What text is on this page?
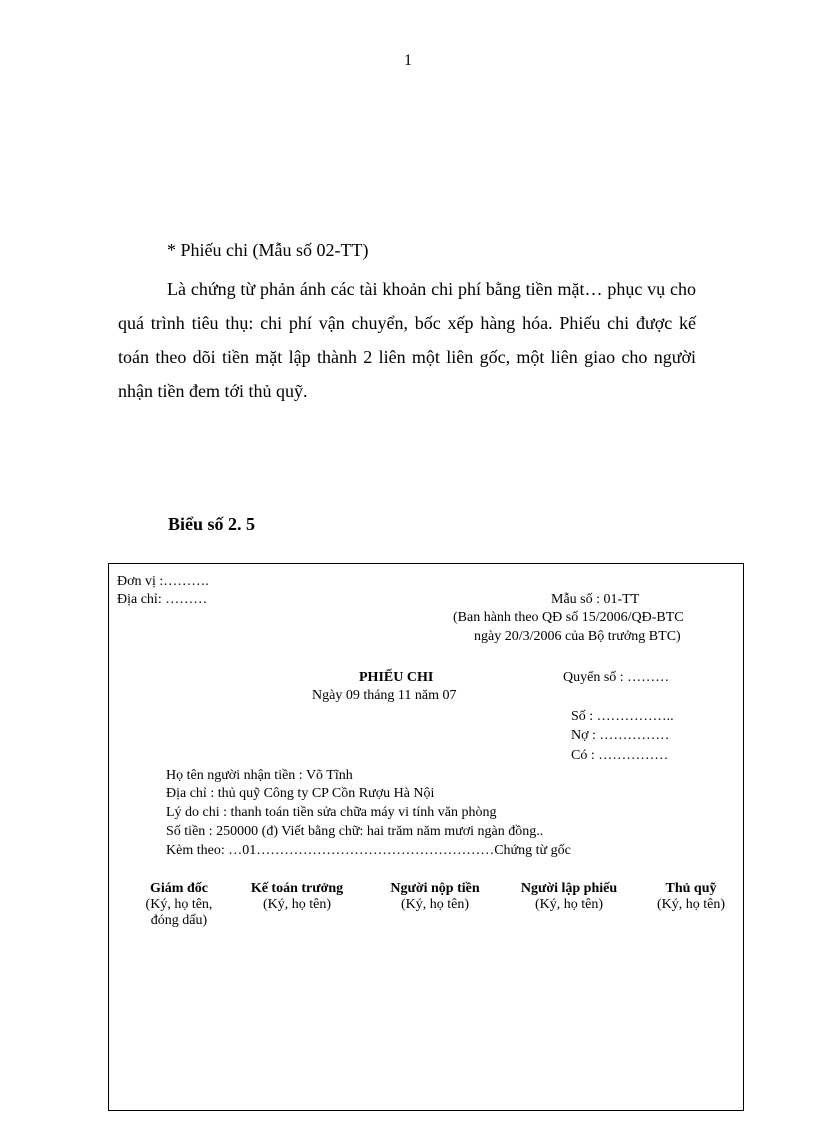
1
* Phiếu chi (Mẫu số 02-TT)
Là chứng từ phản ánh các tài khoản chi phí bằng tiền mặt… phục vụ cho quá trình tiêu thụ: chi phí vận chuyển, bốc xếp hàng hóa. Phiếu chi được kế toán theo dõi tiền mặt lập thành 2 liên một liên gốc, một liên giao cho người nhận tiền đem tới thủ quỹ.
Biểu số 2. 5
Đơn vị :……….
Địa chỉ: ………	Mẫu số : 01-TT
(Ban hành theo QĐ số 15/2006/QĐ-BTC
ngày 20/3/2006 của Bộ trưởng BTC)
PHIẾU CHI	Quyển số : ………
Ngày 09 tháng 11 năm 07
Số : ……………..
Nợ : ……………
Có : ……………
Họ tên người nhận tiền : Võ Tĩnh
Địa chỉ : thủ quỹ Công ty CP Cồn Rượu Hà Nội
Lý do chi : thanh toán tiền sửa chữa máy vi tính văn phòng
Số tiền : 250000 (đ) Viết bằng chữ: hai trăm năm mươi ngàn đồng..
Kèm theo: …01……………………………………………Chứng từ gốc
Giám đốc
(Ký, họ tên,
đóng dấu)
Kế toán trưởng
(Ký, họ tên)
Người nộp tiền
(Ký, họ tên)
Người lập phiếu
(Ký, họ tên)
Thủ quỹ
(Ký, họ tên)
